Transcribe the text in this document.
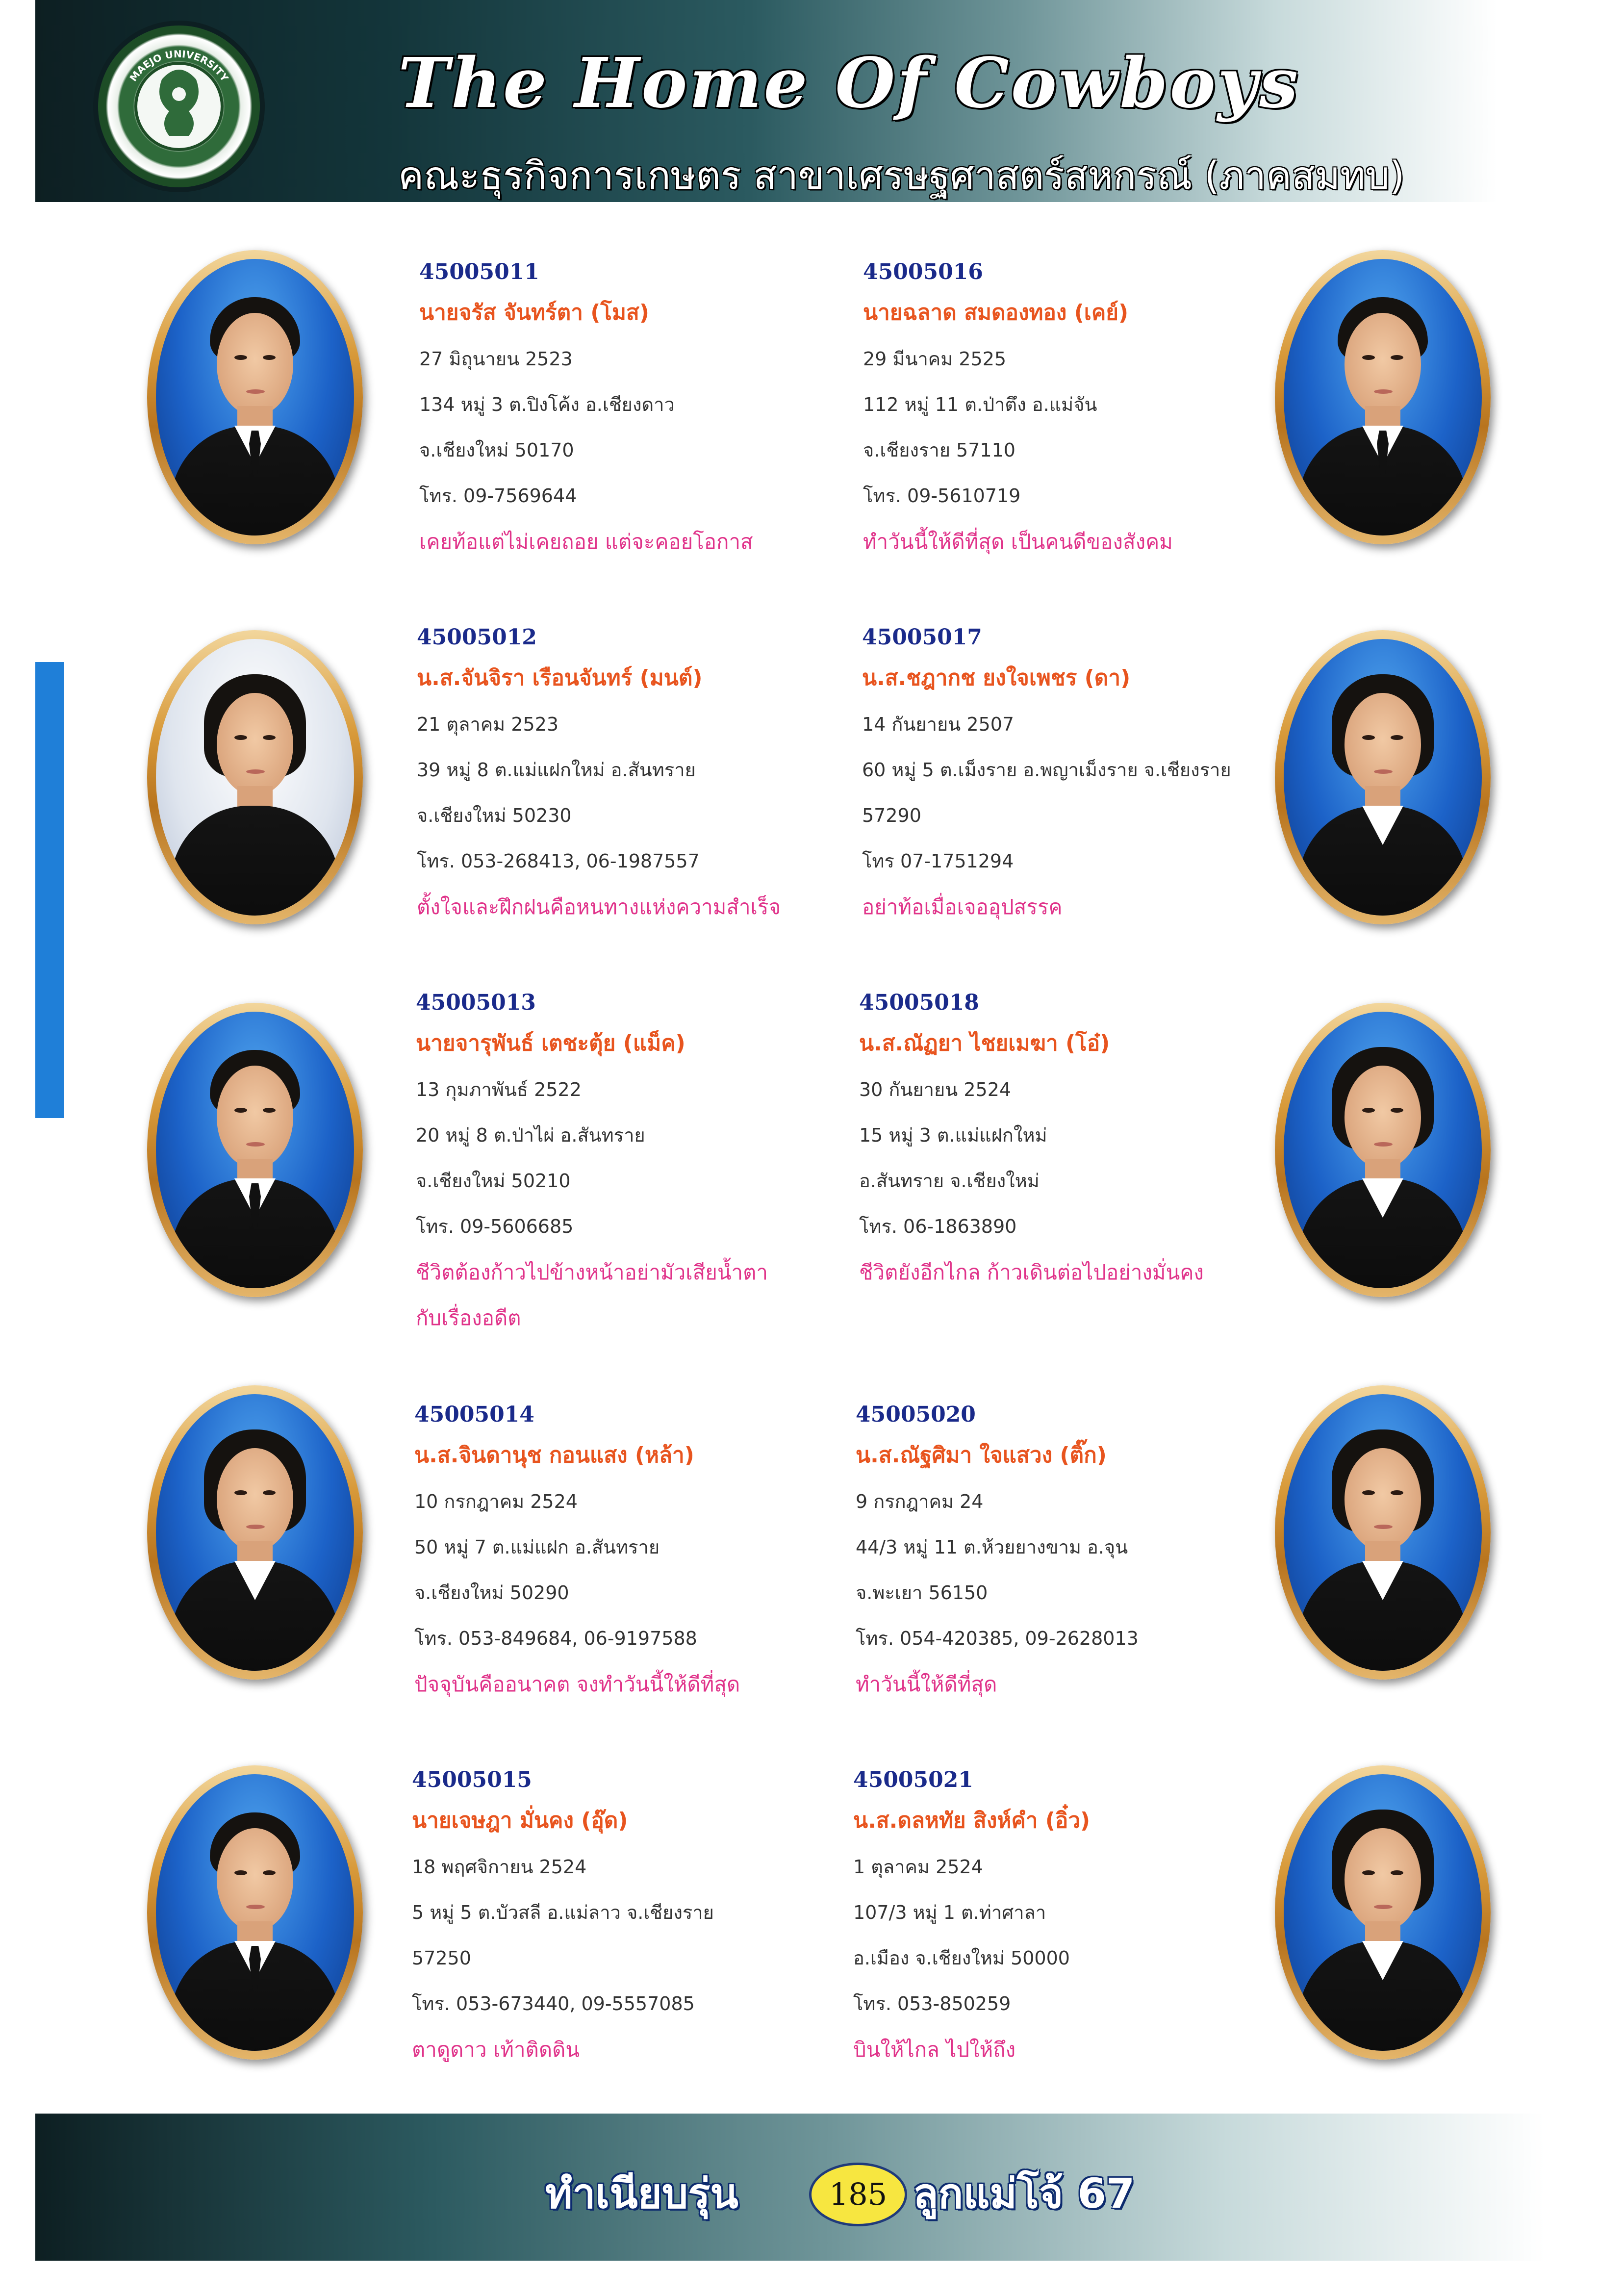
MAEJO UNIVERSITY The Home Of Cowboys
คณะธุรกิจการเกษตร สาขาเศรษฐศาสตร์สหกรณ์ (ภาคสมทบ)
45005011
นายจรัส จันทร์ตา (โมส)
27 มิถุนายน 2523
134 หมู่ 3 ต.ปิงโค้ง อ.เชียงดาว
จ.เชียงใหม่ 50170
โทร. 09-7569644
เคยท้อแต่ไม่เคยถอย แต่จะคอยโอกาส
45005012
น.ส.จันจิรา เรือนจันทร์ (มนต์)
21 ตุลาคม 2523
39 หมู่ 8 ต.แม่แฝกใหม่ อ.สันทราย
จ.เชียงใหม่ 50230
โทร. 053-268413, 06-1987557
ตั้งใจและฝึกฝนคือหนทางแห่งความสำเร็จ
45005013
นายจารุพันธ์ เตชะตุ้ย (แม็ค)
13 กุมภาพันธ์ 2522
20 หมู่ 8 ต.ป่าไผ่ อ.สันทราย
จ.เชียงใหม่ 50210
โทร. 09-5606685
ชีวิตต้องก้าวไปข้างหน้าอย่ามัวเสียน้ำตา
กับเรื่องอดีต
45005014
น.ส.จินดานุช กอนแสง (หล้า)
10 กรกฎาคม 2524
50 หมู่ 7 ต.แม่แฝก อ.สันทราย
จ.เชียงใหม่ 50290
โทร. 053-849684, 06-9197588
ปัจจุบันคืออนาคต จงทำวันนี้ให้ดีที่สุด
45005015
นายเจษฎา มั่นคง (อุ๊ด)
18 พฤศจิกายน 2524
5 หมู่ 5 ต.บัวสลี อ.แม่ลาว จ.เชียงราย
57250
โทร. 053-673440, 09-5557085
ตาดูดาว เท้าติดดิน
45005016
นายฉลาด สมดองทอง (เคย์)
29 มีนาคม 2525
112 หมู่ 11 ต.ป่าตึง อ.แม่จัน
จ.เชียงราย 57110
โทร. 09-5610719
ทำวันนี้ให้ดีที่สุด เป็นคนดีของสังคม
45005017
น.ส.ชฎากช ยงใจเพชร (ดา)
14 กันยายน 2507
60 หมู่ 5 ต.เม็งราย อ.พญาเม็งราย จ.เชียงราย
57290
โทร 07-1751294
อย่าท้อเมื่อเจออุปสรรค
45005018
น.ส.ณัฏยา ไชยเมฆา (โอ๋)
30 กันยายน 2524
15 หมู่ 3 ต.แม่แฝกใหม่
อ.สันทราย จ.เชียงใหม่
โทร. 06-1863890
ชีวิตยังอีกไกล ก้าวเดินต่อไปอย่างมั่นคง
45005020
น.ส.ณัฐศิมา ใจแสวง (ติ๊ก)
9 กรกฎาคม 24
44/3 หมู่ 11 ต.ห้วยยางขาม อ.จุน
จ.พะเยา 56150
โทร. 054-420385, 09-2628013
ทำวันนี้ให้ดีที่สุด
45005021
น.ส.ดลหทัย สิงห์คำ (อิ๋ว)
1 ตุลาคม 2524
107/3 หมู่ 1 ต.ท่าศาลา
อ.เมือง จ.เชียงใหม่ 50000
โทร. 053-850259
บินให้ไกล ไปให้ถึง
ทำเนียบรุ่น	185 ลูกแม่โจ้ 67
